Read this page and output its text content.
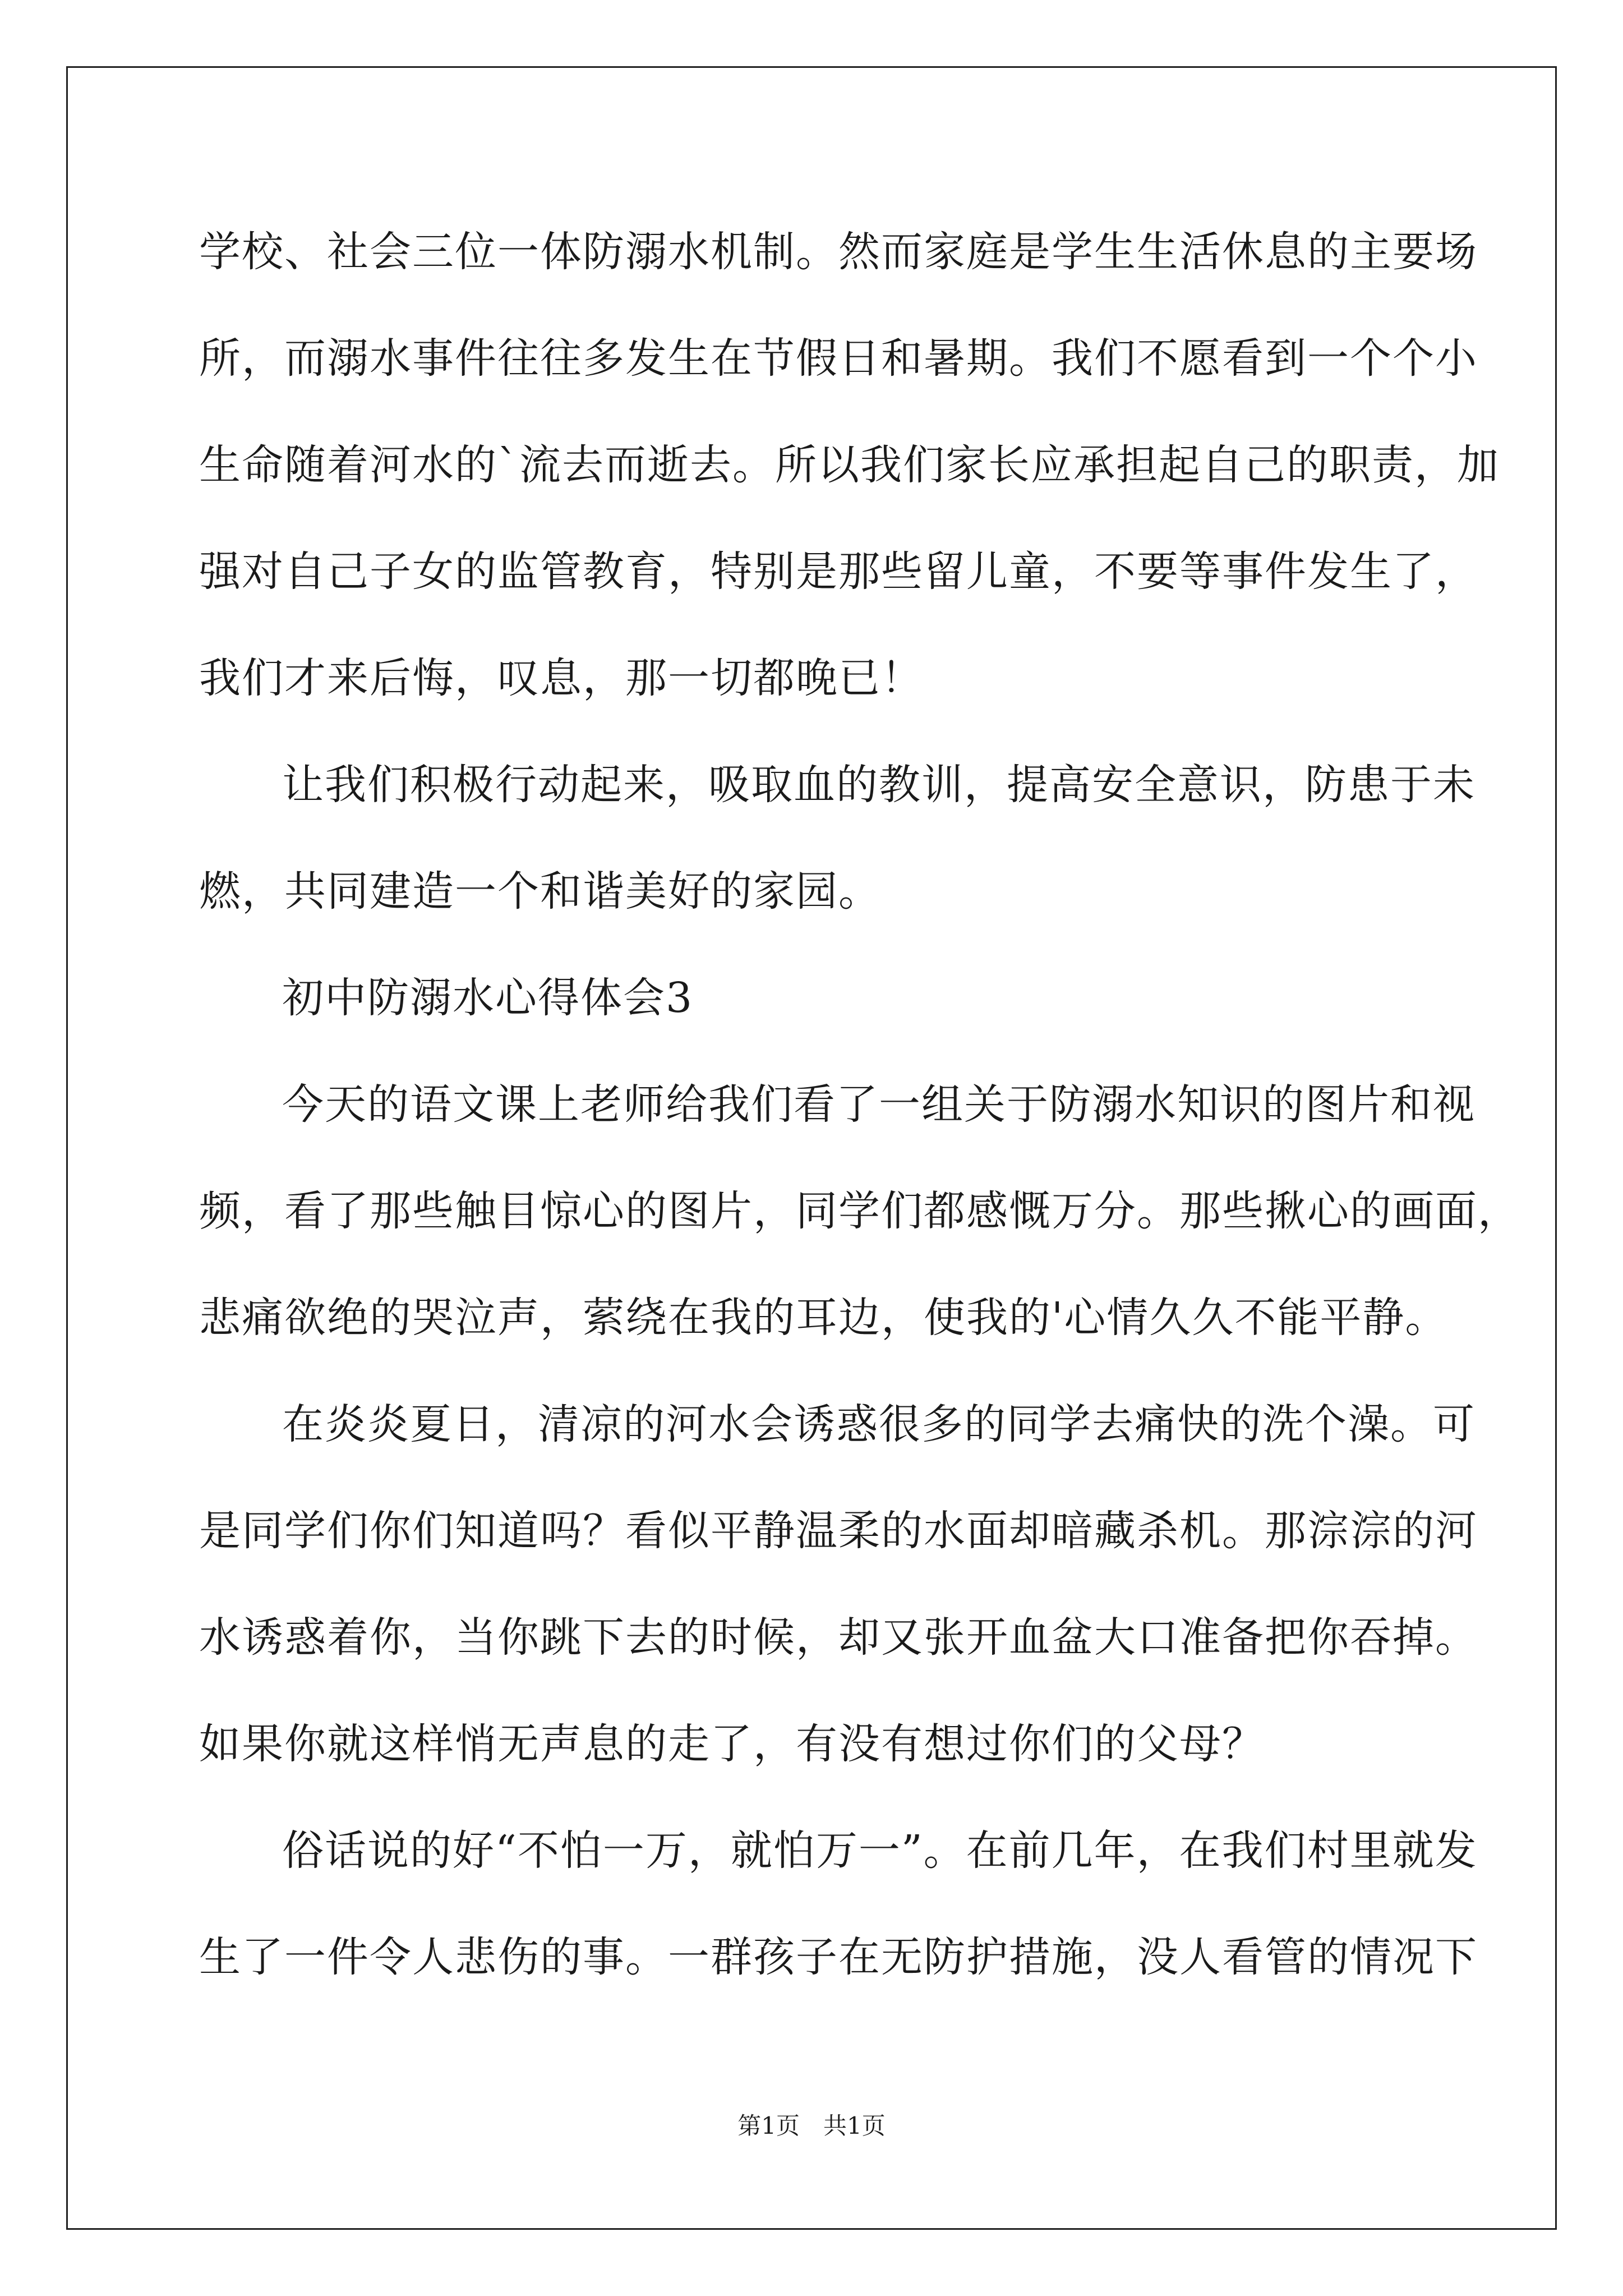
学校、社会三位一体防溺水机制。然而家庭是学生生活休息的主要场
所，而溺水事件往往多发生在节假日和暑期。我们不愿看到一个个小
生命随着河水的`流去而逝去。所以我们家长应承担起自己的职责，加
强对自己子女的监管教育，特别是那些留儿童，不要等事件发生了，
我们才来后悔，叹息，那一切都晚已！
让我们积极行动起来，吸取血的教训，提高安全意识，防患于未
燃，共同建造一个和谐美好的家园。
初中防溺水心得体会3
今天的语文课上老师给我们看了一组关于防溺水知识的图片和视
频，看了那些触目惊心的图片，同学们都感慨万分。那些揪心的画面，
悲痛欲绝的哭泣声，萦绕在我的耳边，使我的'心情久久不能平静。
在炎炎夏日，清凉的河水会诱惑很多的同学去痛快的洗个澡。可
是同学们你们知道吗？看似平静温柔的水面却暗藏杀机。那淙淙的河
水诱惑着你，当你跳下去的时候，却又张开血盆大口准备把你吞掉。
如果你就这样悄无声息的走了，有没有想过你们的父母？
俗话说的好“不怕一万，就怕万一”。在前几年，在我们村里就发
生了一件令人悲伤的事。一群孩子在无防护措施，没人看管的情况下
第1页　共1页
